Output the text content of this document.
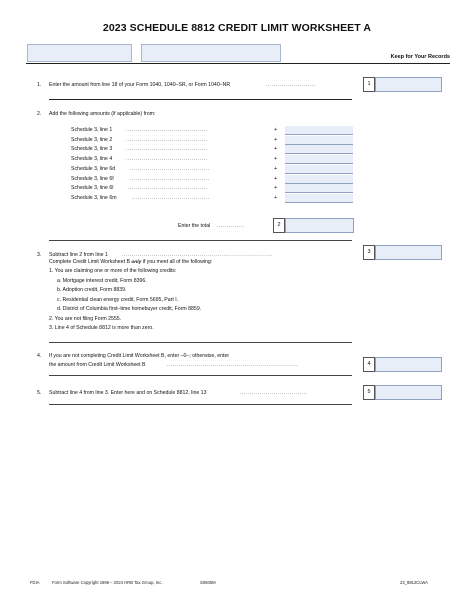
2023 SCHEDULE 8812 CREDIT LIMIT WORKSHEET A
Keep for Your Records
1. Enter the amount from line 18 of your Form 1040, 1040–SR, or Form 1040–NR	.........................	1
2. Add the following amounts (if applicable) from:
Schedule 3, line 1	.........................................	+
Schedule 3, line 2	.........................................	+
Schedule 3, line 3	.........................................	+
Schedule 3, line 4	.........................................	+
Schedule 3, line 6d	........................................	+
Schedule 3, line 6f	........................................	+
Schedule 3, line 6l	........................................	+
Schedule 3, line 6m	.......................................	+
Enter the total ..............	2
3. Subtract line 2 from line 1	............................................................................	3
Complete Credit Limit Worksheet B only if you meet all of the following:
1. You are claiming one or more of the following credits:
a. Mortgage interest credit, Form 8396.
b. Adoption credit, Form 8839.
c. Residential clean energy credit, Form 5695, Part I.
d. District of Columbia first–time homebuyer credit, Form 8859.
2. You are not filing Form 2555.
3. Line 4 of Schedule 8812 is more than zero.
4. If you are not completing Credit Limit Worksheet B, enter –0–; otherwise, enter
the amount from Credit Limit Worksheet B	..................................................................	4
5. Subtract line 4 from line 3. Enter here and on Schedule 8812, line 13	..................................	5
FDIA	Form Software Copyright 1996 – 2024 HRB Tax Group, Inc.	S0506M	23_8812CLWA
